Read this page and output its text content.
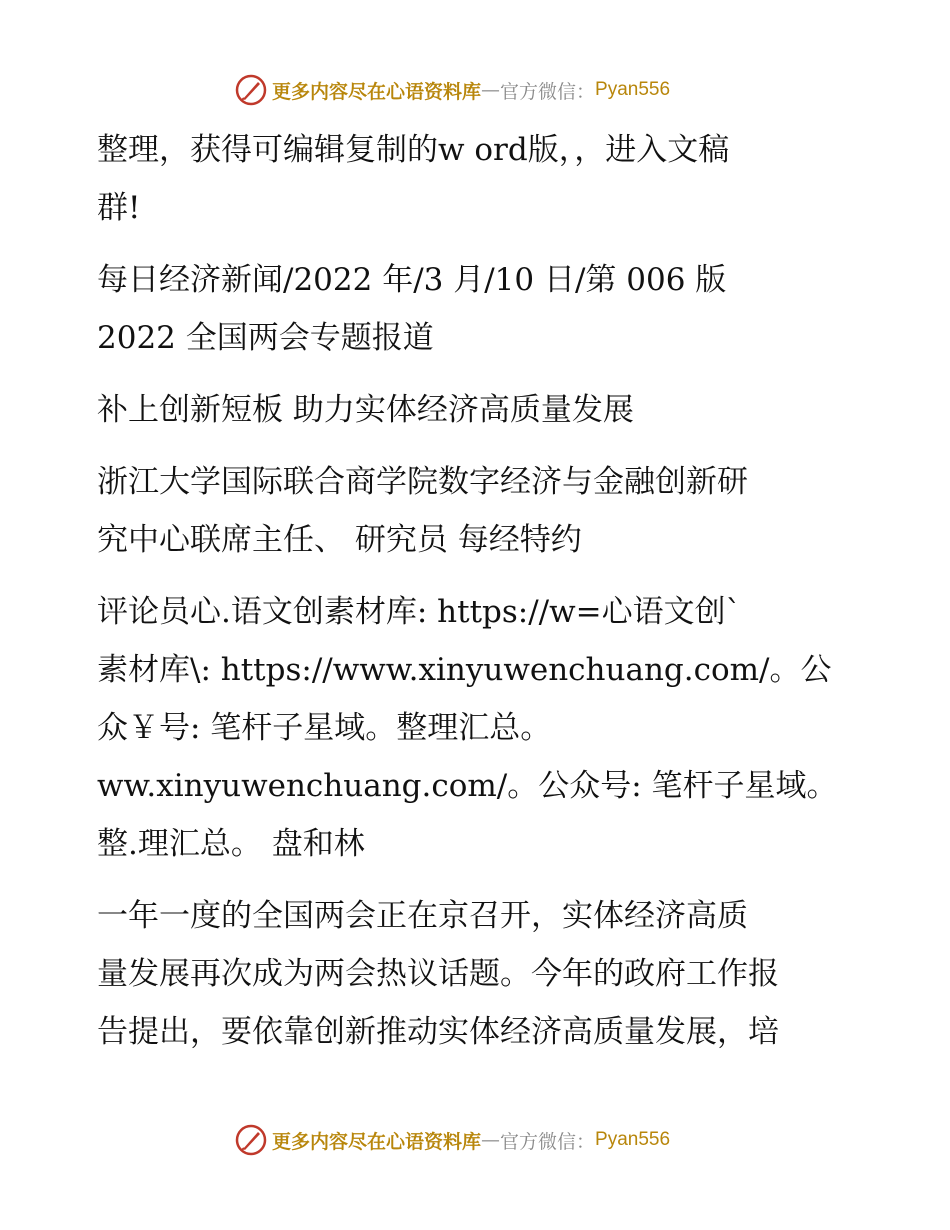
更多内容尽在心语资料库 — 官方微信： Pyan556
整理，获得可编辑复制的w ord版，，进入文稿
群!
每日经济新闻/2022 年/3 月/10 日/第 006 版
2022 全国两会专题报道
补上创新短板 助力实体经济高质量发展
浙江大学国际联合商学院数字经济与金融创新研
究中心联席主任、 研究员 每经特约
评论员心.语文创素材库: https://w=心语文创`
素材库\: https://www.xinyuwenchuang.com/。公
众￥号: 笔杆子星域。整理汇总。
ww.xinyuwenchuang.com/。公众号: 笔杆子星域。
整.理汇总。 盘和林
一年一度的全国两会正在京召开，实体经济高质
量发展再次成为两会热议话题。今年的政府工作报
告提出，要依靠创新推动实体经济高质量发展，培
更多内容尽在心语资料库 — 官方微信： Pyan556
